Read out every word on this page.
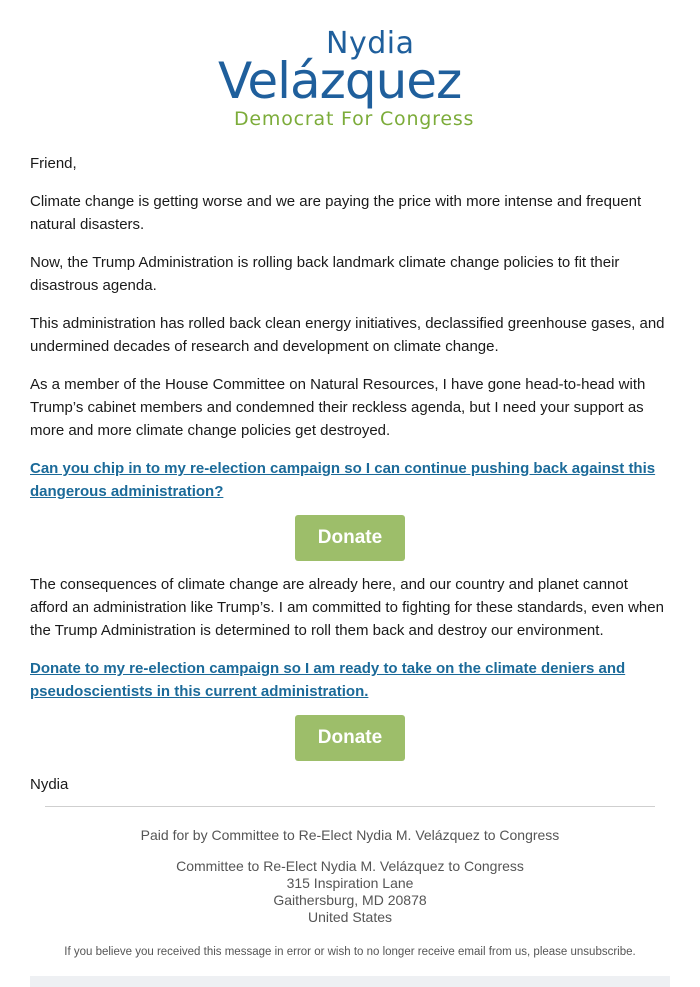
Nydia
Velázquez
Democrat For Congress

Friend,

Climate change is getting worse and we are paying the price with more intense and frequent natural disasters.

Now, the Trump Administration is rolling back landmark climate change policies to fit their disastrous agenda.

This administration has rolled back clean energy initiatives, declassified greenhouse gases, and undermined decades of research and development on climate change.

As a member of the House Committee on Natural Resources, I have gone head-to-head with Trump’s cabinet members and condemned their reckless agenda, but I need your support as more and more climate change policies get destroyed.

Can you chip in to my re-election campaign so I can continue pushing back against this dangerous administration?
Donate

The consequences of climate change are already here, and our country and planet cannot afford an administration like Trump’s. I am committed to fighting for these standards, even when the Trump Administration is determined to roll them back and destroy our environment.

Donate to my re-election campaign so I am ready to take on the climate deniers and pseudoscientists in this current administration.
Donate

Nydia

Paid for by Committee to Re-Elect Nydia M. Velázquez to Congress
Committee to Re-Elect Nydia M. Velázquez to Congress
315 Inspiration Lane
Gaithersburg, MD 20878
United States
If you believe you received this message in error or wish to no longer receive email from us, please unsubscribe.
